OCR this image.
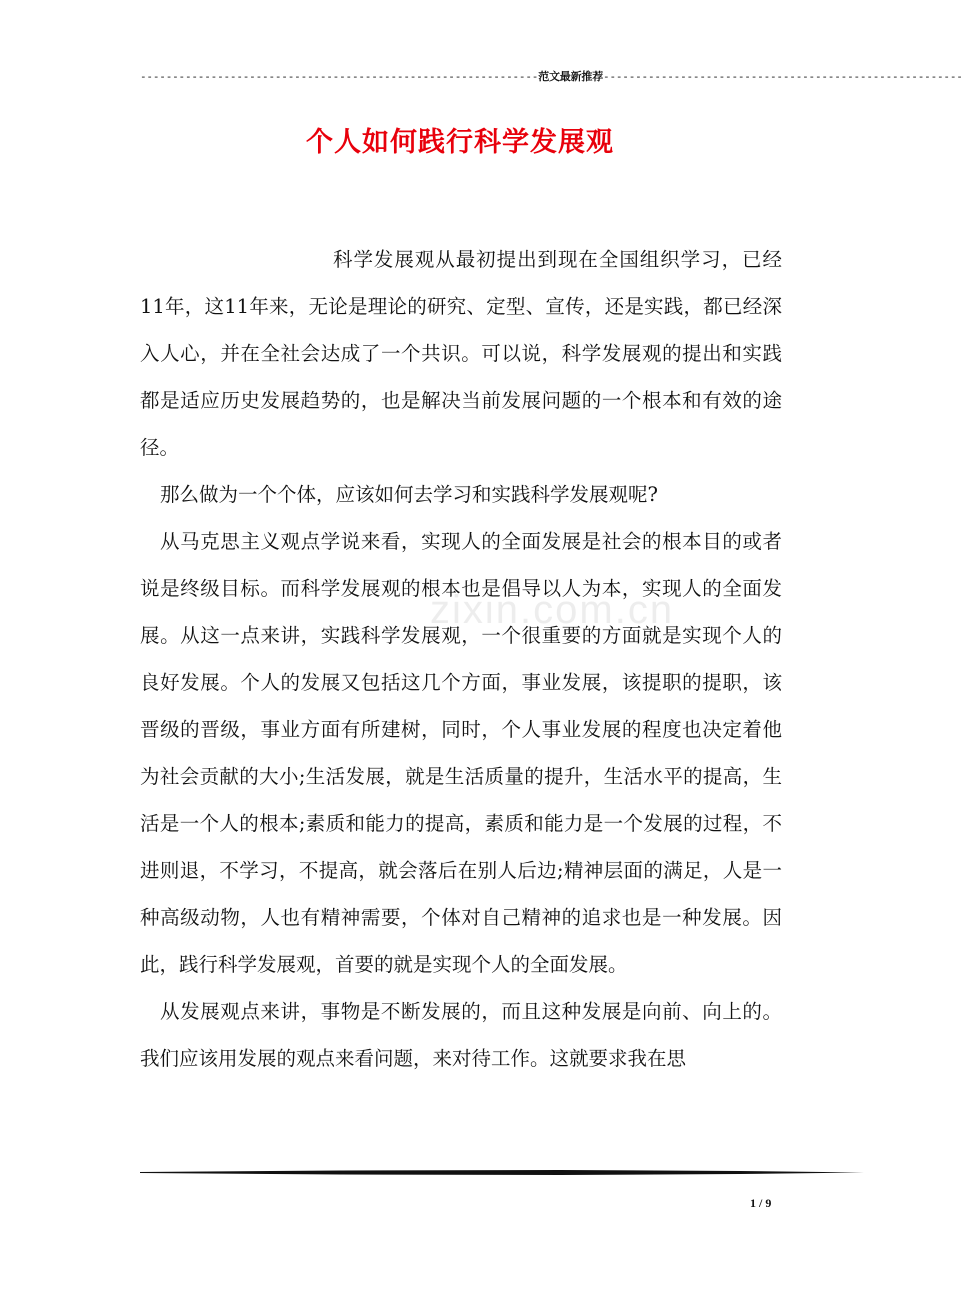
--------------------------------------------------------------范文最新推荐--------------------------------------------------------
个人如何践行科学发展观
zixin.com.cn

科学发展观从最初提出到现在全国组织学习，已经11年，这11年来，无论是理论的研究、定型、宣传，还是实践，都已经深入人心，并在全社会达成了一个共识。可以说，科学发展观的提出和实践都是适应历史发展趋势的，也是解决当前发展问题的一个根本和有效的途径。

那么做为一个个体，应该如何去学习和实践科学发展观呢?

从马克思主义观点学说来看，实现人的全面发展是社会的根本目的或者说是终级目标。而科学发展观的根本也是倡导以人为本，实现人的全面发展。从这一点来讲，实践科学发展观，一个很重要的方面就是实现个人的良好发展。个人的发展又包括这几个方面，事业发展，该提职的提职，该晋级的晋级，事业方面有所建树，同时，个人事业发展的程度也决定着他为社会贡献的大小;生活发展，就是生活质量的提升，生活水平的提高，生活是一个人的根本;素质和能力的提高，素质和能力是一个发展的过程，不进则退，不学习，不提高，就会落后在别人后边;精神层面的满足，人是一种高级动物，人也有精神需要，个体对自己精神的追求也是一种发展。因此，践行科学发展观，首要的就是实现个人的全面发展。

从发展观点来讲，事物是不断发展的，而且这种发展是向前、向上的。我们应该用发展的观点来看问题，来对待工作。这就要求我在思

1 / 9
